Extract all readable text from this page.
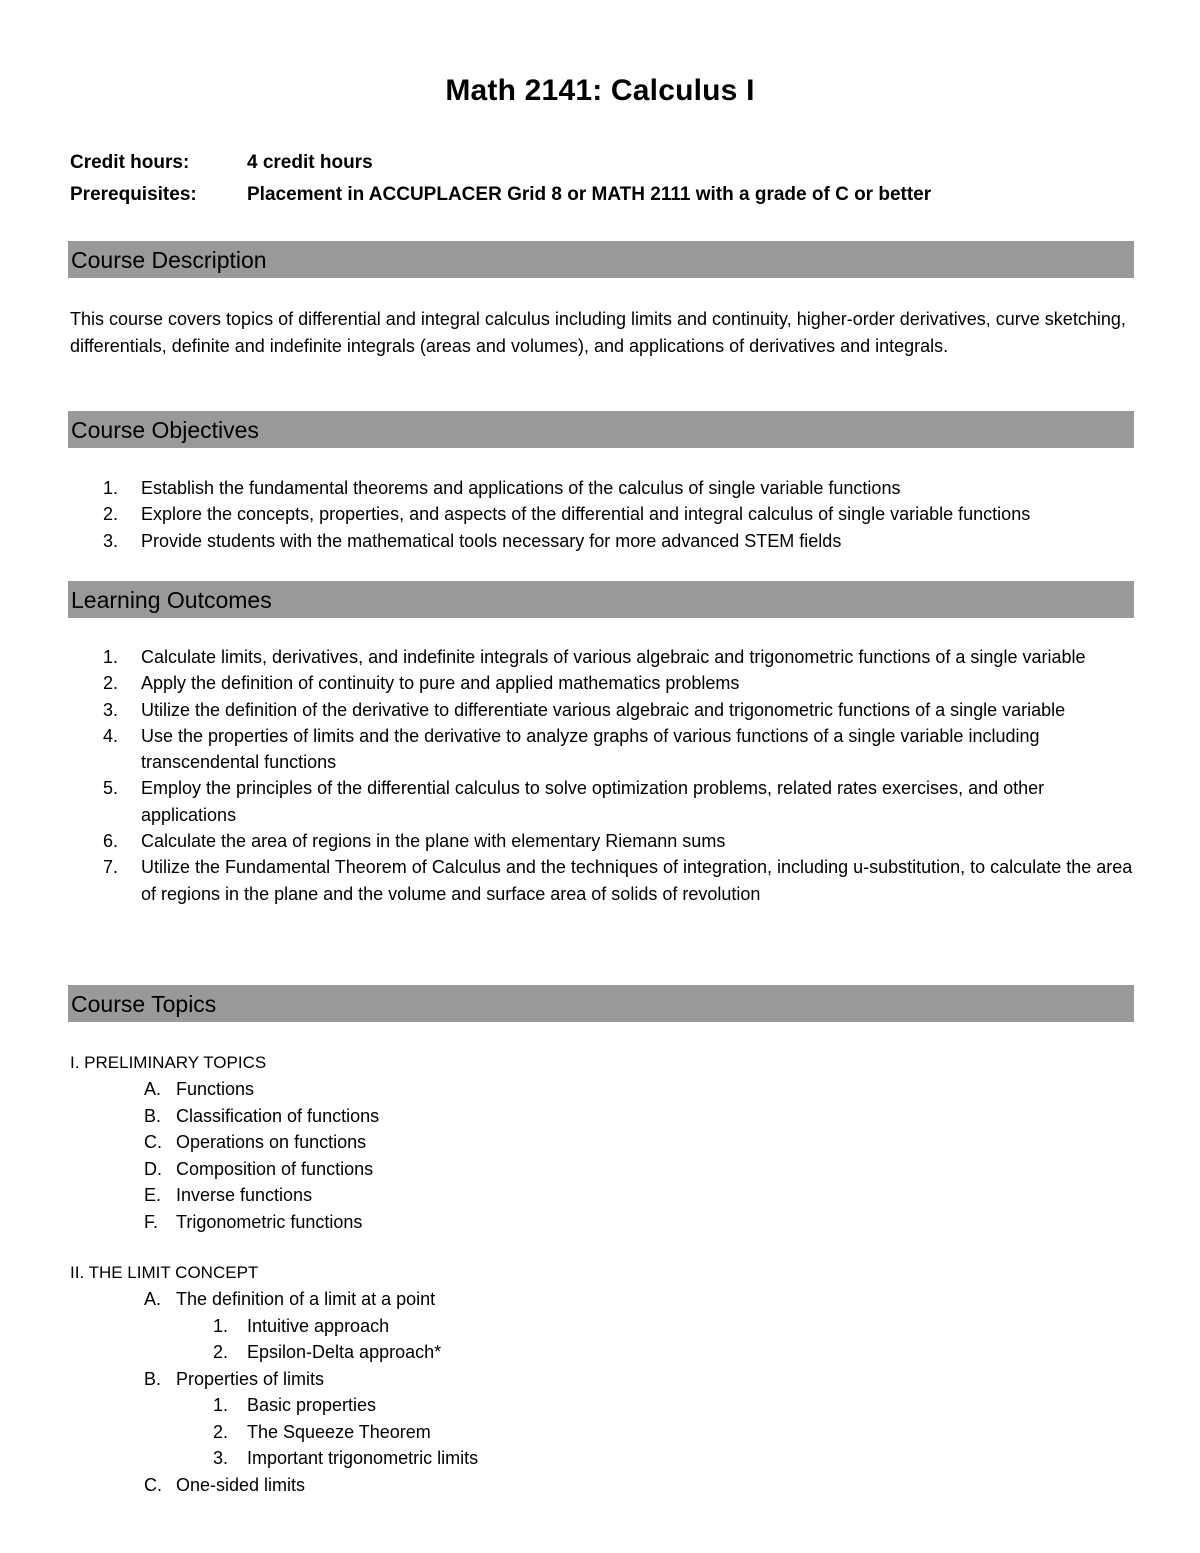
Math 2141: Calculus I
Credit hours:	4 credit hours
Prerequisites:	Placement in ACCUPLACER Grid 8 or MATH 2111 with a grade of C or better
Course Description
This course covers topics of differential and integral calculus including limits and continuity, higher-order derivatives, curve sketching, differentials, definite and indefinite integrals (areas and volumes), and applications of derivatives and integrals.
Course Objectives
1.	Establish the fundamental theorems and applications of the calculus of single variable functions
2.	Explore the concepts, properties, and aspects of the differential and integral calculus of single variable functions
3.	Provide students with the mathematical tools necessary for more advanced STEM fields
Learning Outcomes
1.	Calculate limits, derivatives, and indefinite integrals of various algebraic and trigonometric functions of a single variable
2.	Apply the definition of continuity to pure and applied mathematics problems
3.	Utilize the definition of the derivative to differentiate various algebraic and trigonometric functions of a single variable
4.	Use the properties of limits and the derivative to analyze graphs of various functions of a single variable including transcendental functions
5.	Employ the principles of the differential calculus to solve optimization problems, related rates exercises, and other applications
6.	Calculate the area of regions in the plane with elementary Riemann sums
7.	Utilize the Fundamental Theorem of Calculus and the techniques of integration, including u-substitution, to calculate the area of regions in the plane and the volume and surface area of solids of revolution
Course Topics
I. PRELIMINARY TOPICS
A. Functions
B. Classification of functions
C. Operations on functions
D. Composition of functions
E. Inverse functions
F. Trigonometric functions
II. THE LIMIT CONCEPT
A. The definition of a limit at a point
1. Intuitive approach
2. Epsilon-Delta approach*
B. Properties of limits
1. Basic properties
2. The Squeeze Theorem
3. Important trigonometric limits
C. One-sided limits
